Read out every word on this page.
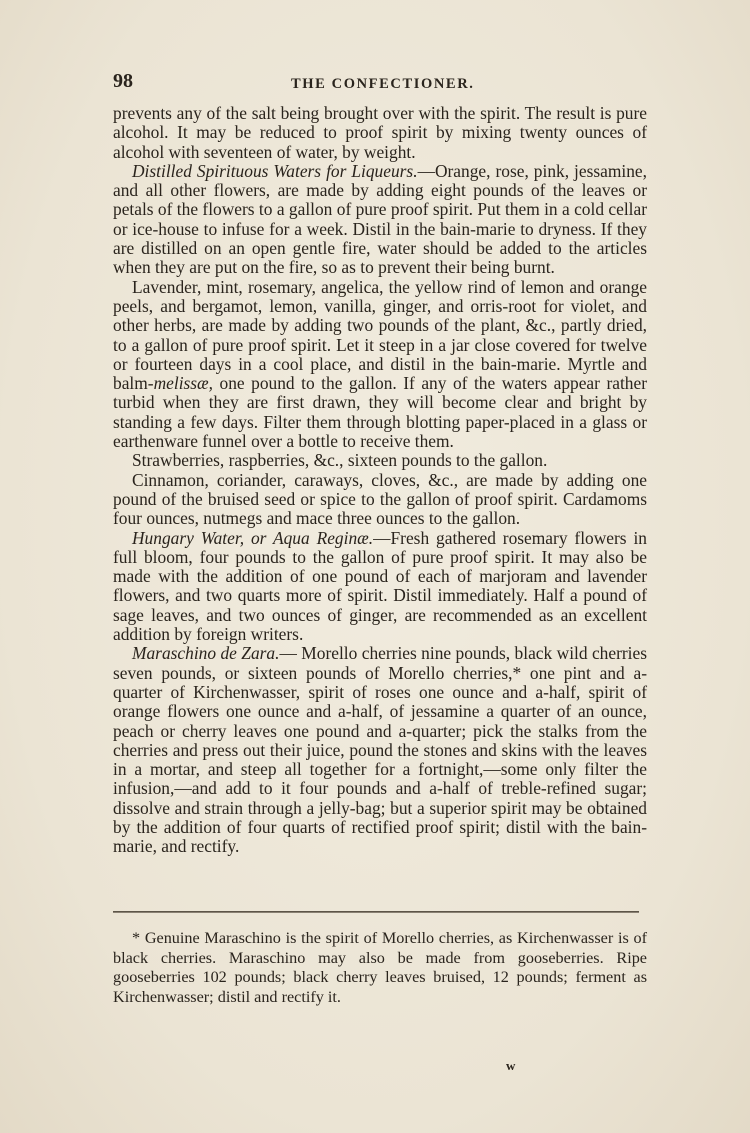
98	THE CONFECTIONER.

prevents any of the salt being brought over with the spirit. The result is pure alcohol. It may be reduced to proof spirit by mixing twenty ounces of alcohol with seventeen of water, by weight.

Distilled Spirituous Waters for Liqueurs.—Orange, rose, pink, jessamine, and all other flowers, are made by adding eight pounds of the leaves or petals of the flowers to a gallon of pure proof spirit. Put them in a cold cellar or ice-house to infuse for a week. Distil in the bain-marie to dryness. If they are distilled on an open gentle fire, water should be added to the articles when they are put on the fire, so as to prevent their being burnt.

Lavender, mint, rosemary, angelica, the yellow rind of lemon and orange peels, and bergamot, lemon, vanilla, ginger, and orris-root for violet, and other herbs, are made by adding two pounds of the plant, &c., partly dried, to a gallon of pure proof spirit. Let it steep in a jar close covered for twelve or fourteen days in a cool place, and distil in the bain-marie. Myrtle and balm-melissæ, one pound to the gallon. If any of the waters appear rather turbid when they are first drawn, they will become clear and bright by standing a few days. Filter them through blotting paper-placed in a glass or earthenware funnel over a bottle to receive them.

Strawberries, raspberries, &c., sixteen pounds to the gallon.

Cinnamon, coriander, caraways, cloves, &c., are made by adding one pound of the bruised seed or spice to the gallon of proof spirit. Cardamoms four ounces, nutmegs and mace three ounces to the gallon.

Hungary Water, or Aqua Reginæ.—Fresh gathered rosemary flowers in full bloom, four pounds to the gallon of pure proof spirit. It may also be made with the addition of one pound of each of marjoram and lavender flowers, and two quarts more of spirit. Distil immediately. Half a pound of sage leaves, and two ounces of ginger, are recommended as an excellent addition by foreign writers.

Maraschino de Zara.— Morello cherries nine pounds, black wild cherries seven pounds, or sixteen pounds of Morello cherries,* one pint and a-quarter of Kirchenwasser, spirit of roses one ounce and a-half, spirit of orange flowers one ounce and a-half, of jessamine a quarter of an ounce, peach or cherry leaves one pound and a-quarter; pick the stalks from the cherries and press out their juice, pound the stones and skins with the leaves in a mortar, and steep all together for a fortnight,—some only filter the infusion,—and add to it four pounds and a-half of treble-refined sugar; dissolve and strain through a jelly-bag; but a superior spirit may be obtained by the addition of four quarts of rectified proof spirit; distil with the bain-marie, and rectify.

* Genuine Maraschino is the spirit of Morello cherries, as Kirchenwasser is of black cherries. Maraschino may also be made from gooseberries. Ripe gooseberries 102 pounds; black cherry leaves bruised, 12 pounds; ferment as Kirchenwasser; distil and rectify it.

w
